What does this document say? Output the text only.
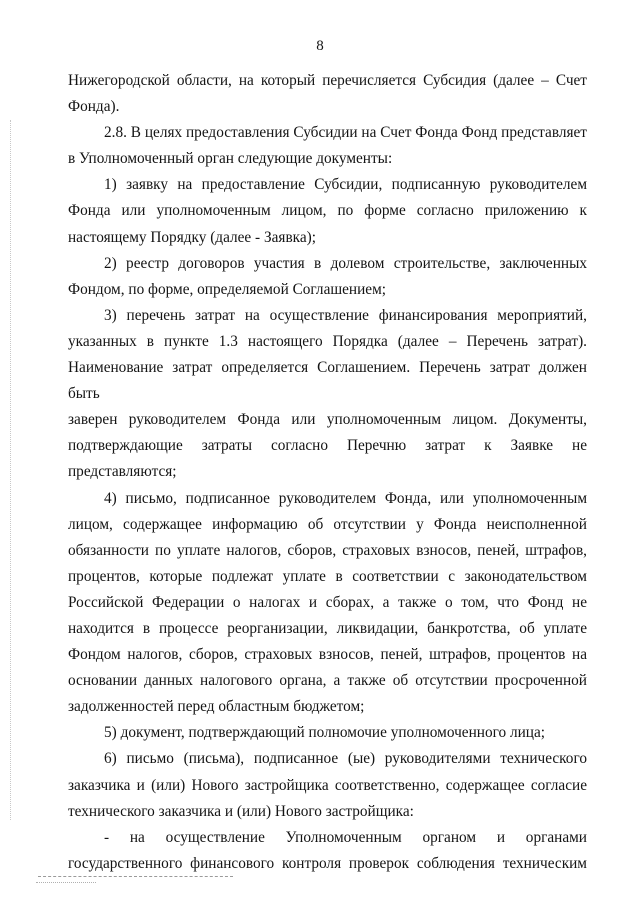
8

Нижегородской области, на который перечисляется Субсидия (далее – Счет

Фонда).

2.8. В целях предоставления Субсидии на Счет Фонда Фонд представляет

в Уполномоченный орган следующие документы:

1) заявку на предоставление Субсидии, подписанную руководителем

Фонда или уполномоченным лицом, по форме согласно приложению к

настоящему Порядку (далее - Заявка);

2) реестр договоров участия в долевом строительстве, заключенных

Фондом, по форме, определяемой Соглашением;

3) перечень затрат на осуществление финансирования мероприятий,

указанных в пункте 1.3 настоящего Порядка (далее – Перечень затрат).

Наименование затрат определяется Соглашением. Перечень затрат должен быть

заверен руководителем Фонда или уполномоченным лицом. Документы,

подтверждающие затраты согласно Перечню затрат к Заявке не

представляются;

4) письмо, подписанное руководителем Фонда, или уполномоченным

лицом, содержащее информацию об отсутствии у Фонда неисполненной

обязанности по уплате налогов, сборов, страховых взносов, пеней, штрафов,

процентов, которые подлежат уплате в соответствии с законодательством

Российской Федерации о налогах и сборах, а также о том, что Фонд не

находится в процессе реорганизации, ликвидации, банкротства, об уплате

Фондом налогов, сборов, страховых взносов, пеней, штрафов, процентов на

основании данных налогового органа, а также об отсутствии просроченной

задолженностей перед областным бюджетом;

5) документ, подтверждающий полномочие уполномоченного лица;

6) письмо (письма), подписанное (ые) руководителями технического

заказчика и (или) Нового застройщика соответственно, содержащее согласие

технического заказчика и (или) Нового застройщика:

- на осуществление Уполномоченным органом и органами

государственного финансового контроля проверок соблюдения техническим
